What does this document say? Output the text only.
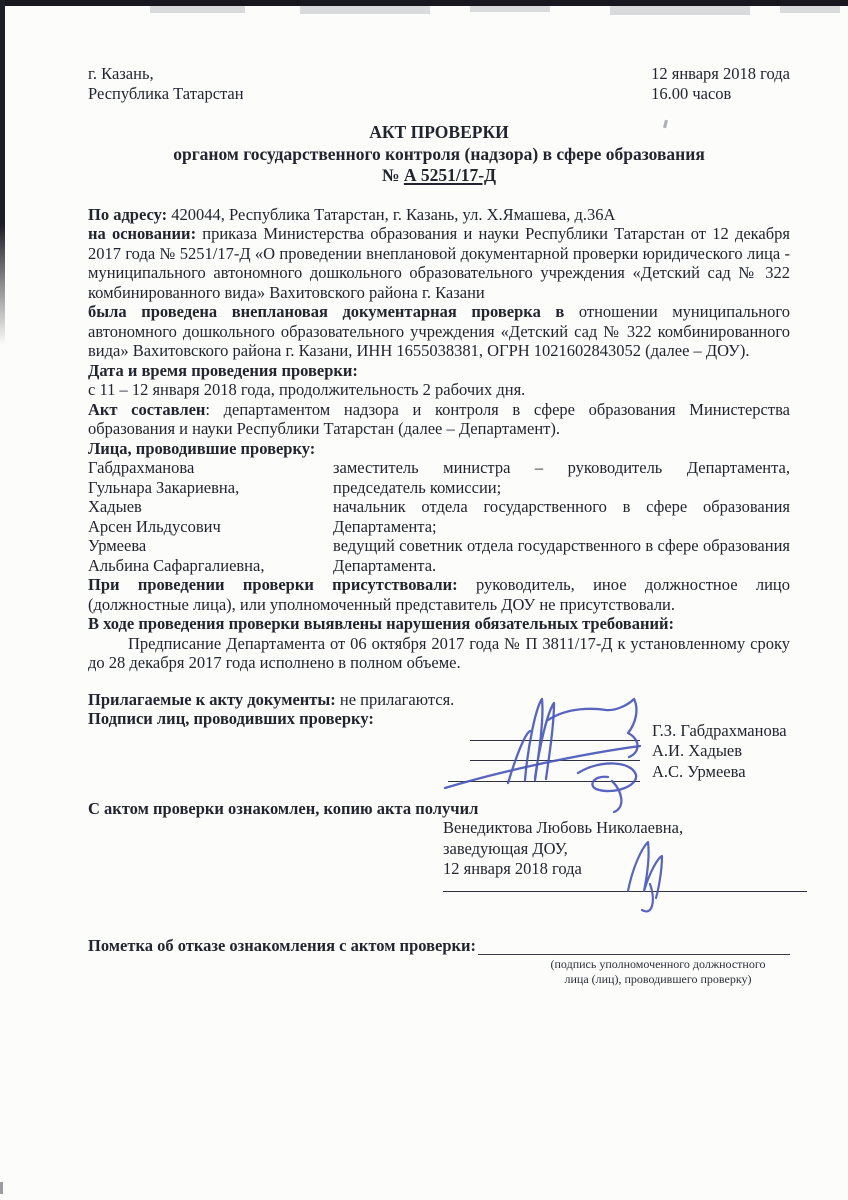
г. Казань,
Республика Татарстан
12 января 2018 года
16.00 часов
АКТ ПРОВЕРКИ
органом государственного контроля (надзора) в сфере образования
№ А 5251/17-Д

По адресу: 420044, Республика Татарстан, г. Казань, ул. Х.Ямашева, д.36А

на основании: приказа Министерства образования и науки Республики Татарстан от 12 декабря 2017 года № 5251/17-Д «О проведении внеплановой документарной проверки юридического лица - муниципального автономного дошкольного образовательного учреждения «Детский сад № 322 комбинированного вида» Вахитовского района г. Казани

была проведена внеплановая документарная проверка в отношении муниципального автономного дошкольного образовательного учреждения «Детский сад № 322 комбинированного вида» Вахитовского района г. Казани, ИНН 1655038381, ОГРН 1021602843052 (далее – ДОУ).

Дата и время проведения проверки:

с 11 – 12 января 2018 года, продолжительность 2 рабочих дня.

Акт составлен: департаментом надзора и контроля в сфере образования Министерства образования и науки Республики Татарстан (далее – Департамент).

Лица, проводившие проверку:

Габдрахманова
Гульнара Закариевна,
заместитель министра – руководитель Департамента, председатель комиссии;
Хадыев
Арсен Ильдусович
начальник отдела государственного в сфере образования Департамента;
Урмеева
Альбина Сафаргалиевна,
ведущий советник отдела государственного в сфере образования Департамента.

При проведении проверки присутствовали: руководитель, иное должностное лицо (должностные лица), или уполномоченный представитель ДОУ не присутствовали.

В ходе проведения проверки выявлены нарушения обязательных требований:

Предписание Департамента от 06 октября 2017 года № П 3811/17-Д к установленному сроку до 28 декабря 2017 года исполнено в полном объеме.

Прилагаемые к акту документы: не прилагаются.

Подписи лиц, проводивших проверку:

Г.З. Габдрахманова
А.И. Хадыев
А.С. Урмеева

С актом проверки ознакомлен, копию акта получил

Венедиктова Любовь Николаевна,
заведующая ДОУ,
12 января 2018 года
Пометка об отказе ознакомления с актом проверки:
(подпись уполномоченного должностного
лица (лиц), проводившего проверку)
